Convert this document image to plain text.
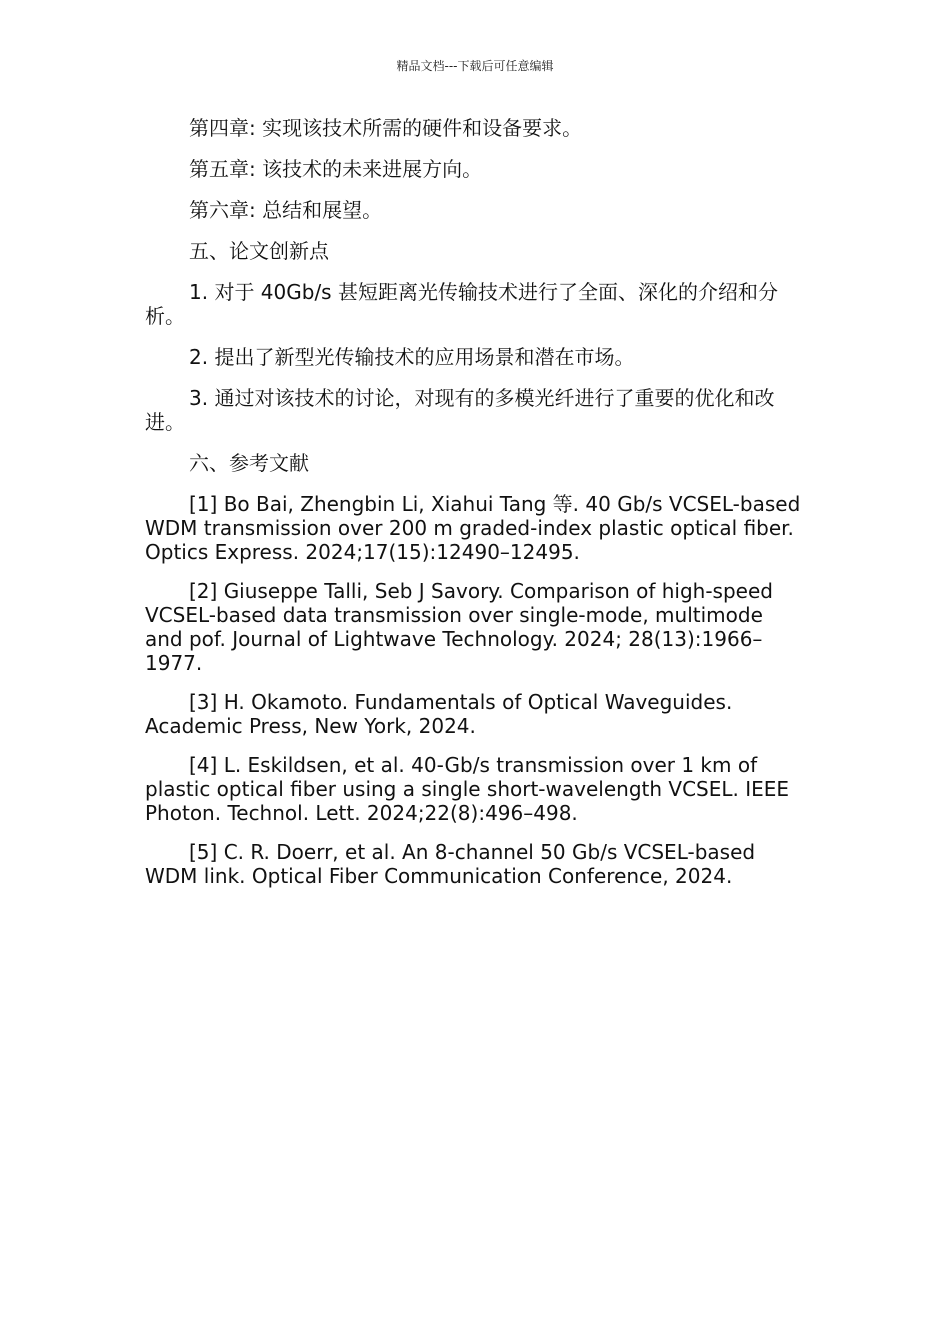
精品文档---下载后可任意编辑

第四章: 实现该技术所需的硬件和设备要求。

第五章: 该技术的未来进展方向。

第六章: 总结和展望。

五、论文创新点

1. 对于 40Gb/s 甚短距离光传输技术进行了全面、深化的介绍和分析。

2. 提出了新型光传输技术的应用场景和潜在市场。

3. 通过对该技术的讨论，对现有的多模光纤进行了重要的优化和改进。

六、参考文献

[1] Bo Bai, Zhengbin Li, Xiahui Tang 等. 40 Gb/s VCSEL-based WDM transmission over 200 m graded-index plastic optical fiber. Optics Express. 2024;17(15):12490–12495.

[2] Giuseppe Talli, Seb J Savory. Comparison of high-speed VCSEL-based data transmission over single-mode, multimode and pof. Journal of Lightwave Technology. 2024; 28(13):1966–1977.

[3] H. Okamoto. Fundamentals of Optical Waveguides. Academic Press, New York, 2024.

[4] L. Eskildsen, et al. 40-Gb/s transmission over 1 km of plastic optical fiber using a single short-wavelength VCSEL. IEEE Photon. Technol. Lett. 2024;22(8):496–498.

[5] C. R. Doerr, et al. An 8-channel 50 Gb/s VCSEL-based WDM link. Optical Fiber Communication Conference, 2024.
